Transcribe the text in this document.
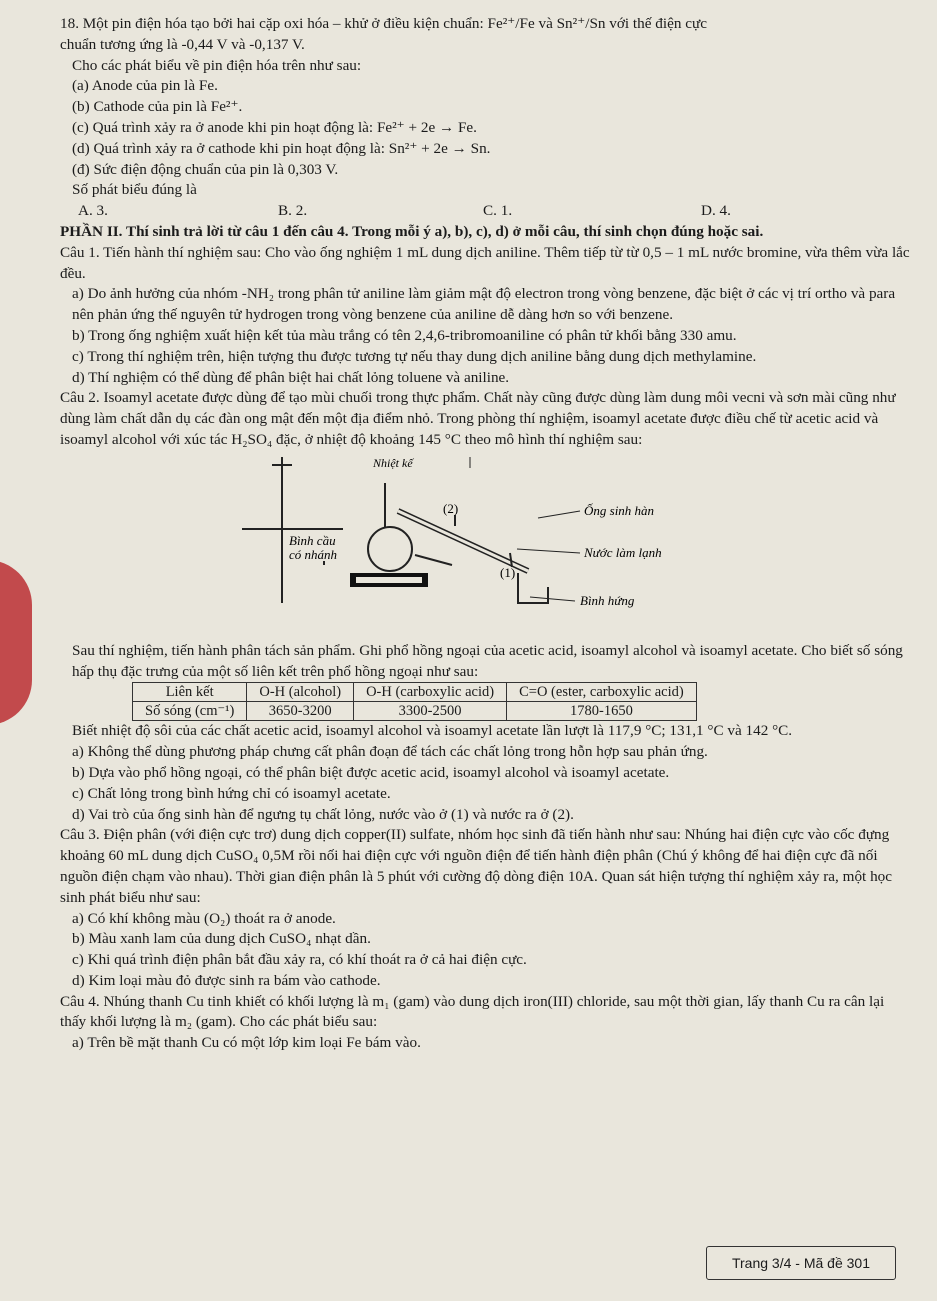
18. Một pin điện hóa tạo bởi hai cặp oxi hóa – khử ở điều kiện chuẩn: Fe²⁺/Fe và Sn²⁺/Sn với thế điện cực

chuẩn tương ứng là -0,44 V và -0,137 V.

Cho các phát biểu về pin điện hóa trên như sau:

(a) Anode của pin là Fe.

(b) Cathode của pin là Fe²⁺.

(c) Quá trình xảy ra ở anode khi pin hoạt động là: Fe²⁺ + 2e → Fe.

(d) Quá trình xảy ra ở cathode khi pin hoạt động là: Sn²⁺ + 2e → Sn.

(đ) Sức điện động chuẩn của pin là 0,303 V.

Số phát biểu đúng là

A. 3.	B. 2.	C. 1.	D. 4.

PHẦN II. Thí sinh trả lời từ câu 1 đến câu 4. Trong mỗi ý a), b), c), d) ở mỗi câu, thí sinh chọn đúng hoặc sai.

Câu 1. Tiến hành thí nghiệm sau: Cho vào ống nghiệm 1 mL dung dịch aniline. Thêm tiếp từ từ 0,5 – 1 mL nước bromine, vừa thêm vừa lắc đều.

a) Do ảnh hưởng của nhóm -NH₂ trong phân tử aniline làm giảm mật độ electron trong vòng benzene, đặc biệt ở các vị trí ortho và para nên phản ứng thế nguyên tử hydrogen trong vòng benzene của aniline dễ dàng hơn so với benzene.

b) Trong ống nghiệm xuất hiện kết tủa màu trắng có tên 2,4,6-tribromoaniline có phân tử khối bằng 330 amu.

c) Trong thí nghiệm trên, hiện tượng thu được tương tự nếu thay dung dịch aniline bằng dung dịch methylamine.

d) Thí nghiệm có thể dùng để phân biệt hai chất lỏng toluene và aniline.

Câu 2. Isoamyl acetate được dùng để tạo mùi chuối trong thực phẩm. Chất này cũng được dùng làm dung môi vecni và sơn mài cũng như dùng làm chất dẫn dụ các đàn ong mật đến một địa điểm nhỏ. Trong phòng thí nghiệm, isoamyl acetate được điều chế từ acetic acid và isoamyl alcohol với xúc tác H₂SO₄ đặc, ở nhiệt độ khoảng 145 °C theo mô hình thí nghiệm sau:

Nhiệt kế
Bình cầu
có nhánh
Ống sinh hàn
Nước làm lạnh
Bình hứng
(1)
(2)

Sau thí nghiệm, tiến hành phân tách sản phẩm. Ghi phổ hồng ngoại của acetic acid, isoamyl alcohol và isoamyl acetate. Cho biết số sóng hấp thụ đặc trưng của một số liên kết trên phổ hồng ngoại như sau:

Liên kết	O-H (alcohol)	O-H (carboxylic acid)	C=O (ester, carboxylic acid)
Số sóng (cm⁻¹)	3650-3200	3300-2500	1780-1650

Biết nhiệt độ sôi của các chất acetic acid, isoamyl alcohol và isoamyl acetate lần lượt là 117,9 °C; 131,1 °C và 142 °C.

a) Không thể dùng phương pháp chưng cất phân đoạn để tách các chất lỏng trong hỗn hợp sau phản ứng.

b) Dựa vào phổ hồng ngoại, có thể phân biệt được acetic acid, isoamyl alcohol và isoamyl acetate.

c) Chất lỏng trong bình hứng chỉ có isoamyl acetate.

d) Vai trò của ống sinh hàn để ngưng tụ chất lỏng, nước vào ở (1) và nước ra ở (2).

Câu 3. Điện phân (với điện cực trơ) dung dịch copper(II) sulfate, nhóm học sinh đã tiến hành như sau: Nhúng hai điện cực vào cốc đựng khoảng 60 mL dung dịch CuSO₄ 0,5M rồi nối hai điện cực với nguồn điện để tiến hành điện phân (Chú ý không để hai điện cực đã nối nguồn điện chạm vào nhau). Thời gian điện phân là 5 phút với cường độ dòng điện 10A. Quan sát hiện tượng thí nghiệm xảy ra, một học sinh phát biểu như sau:

a) Có khí không màu (O₂) thoát ra ở anode.

b) Màu xanh lam của dung dịch CuSO₄ nhạt dần.

c) Khi quá trình điện phân bắt đầu xảy ra, có khí thoát ra ở cả hai điện cực.

d) Kim loại màu đỏ được sinh ra bám vào cathode.

Câu 4. Nhúng thanh Cu tinh khiết có khối lượng là m₁ (gam) vào dung dịch iron(III) chloride, sau một thời gian, lấy thanh Cu ra cân lại thấy khối lượng là m₂ (gam). Cho các phát biểu sau:

a) Trên bề mặt thanh Cu có một lớp kim loại Fe bám vào.

Trang 3/4 - Mã đề 301
